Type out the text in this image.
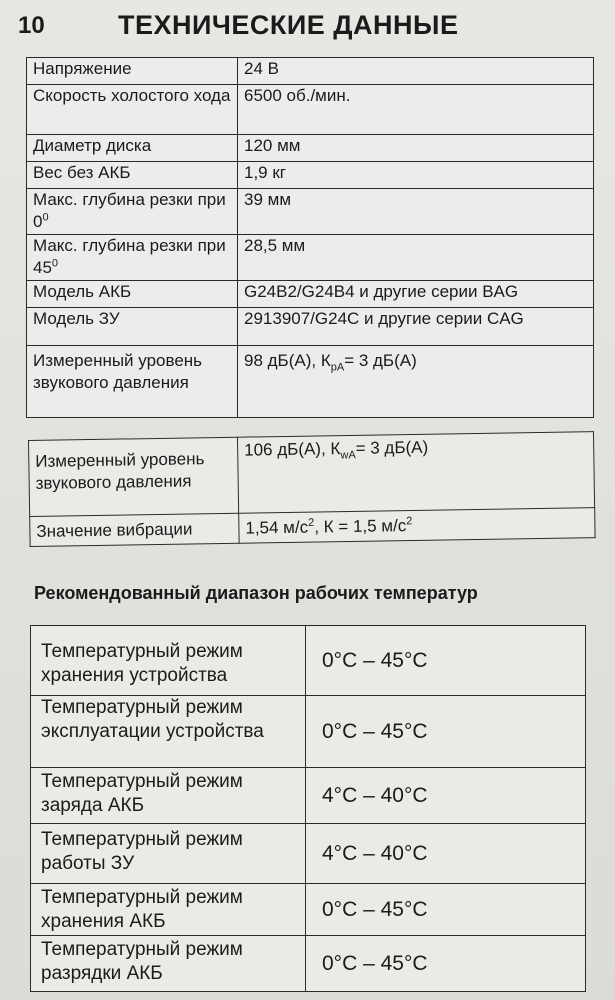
10	ТЕХНИЧЕСКИЕ ДАННЫЕ
Напряжение	24 В
Скорость холостого хода	6500 об./мин.
Диаметр диска	120 мм
Вес без АКБ	1,9 кг
Макс. глубина резки при $0^0$	39 мм
Макс. глубина резки при $45^0$	28,5 мм
Модель АКБ	G24B2/G24B4 и другие серии BAG
Модель ЗУ	2913907/G24C и другие серии CAG
Измеренный уровень звукового давления	98 дБ(А), $К_{pA}= 3$ дБ(А)
Измеренный уровень звукового давления	106 дБ(А), $К_{wA}= 3$ дБ(А)
Значение вибрации	1,54 $м/с^2$, К = 1,5 $м/с^2$
Рекомендованный диапазон рабочих температур
Температурный режим хранения устройства	0°C – 45°C
Температурный режим эксплуатации устройства	0°C – 45°C
Температурный режим заряда АКБ	4°C – 40°C
Температурный режим работы ЗУ	4°C – 40°C
Температурный режим хранения АКБ	0°C – 45°C
Температурный режим разрядки АКБ	0°C – 45°C
